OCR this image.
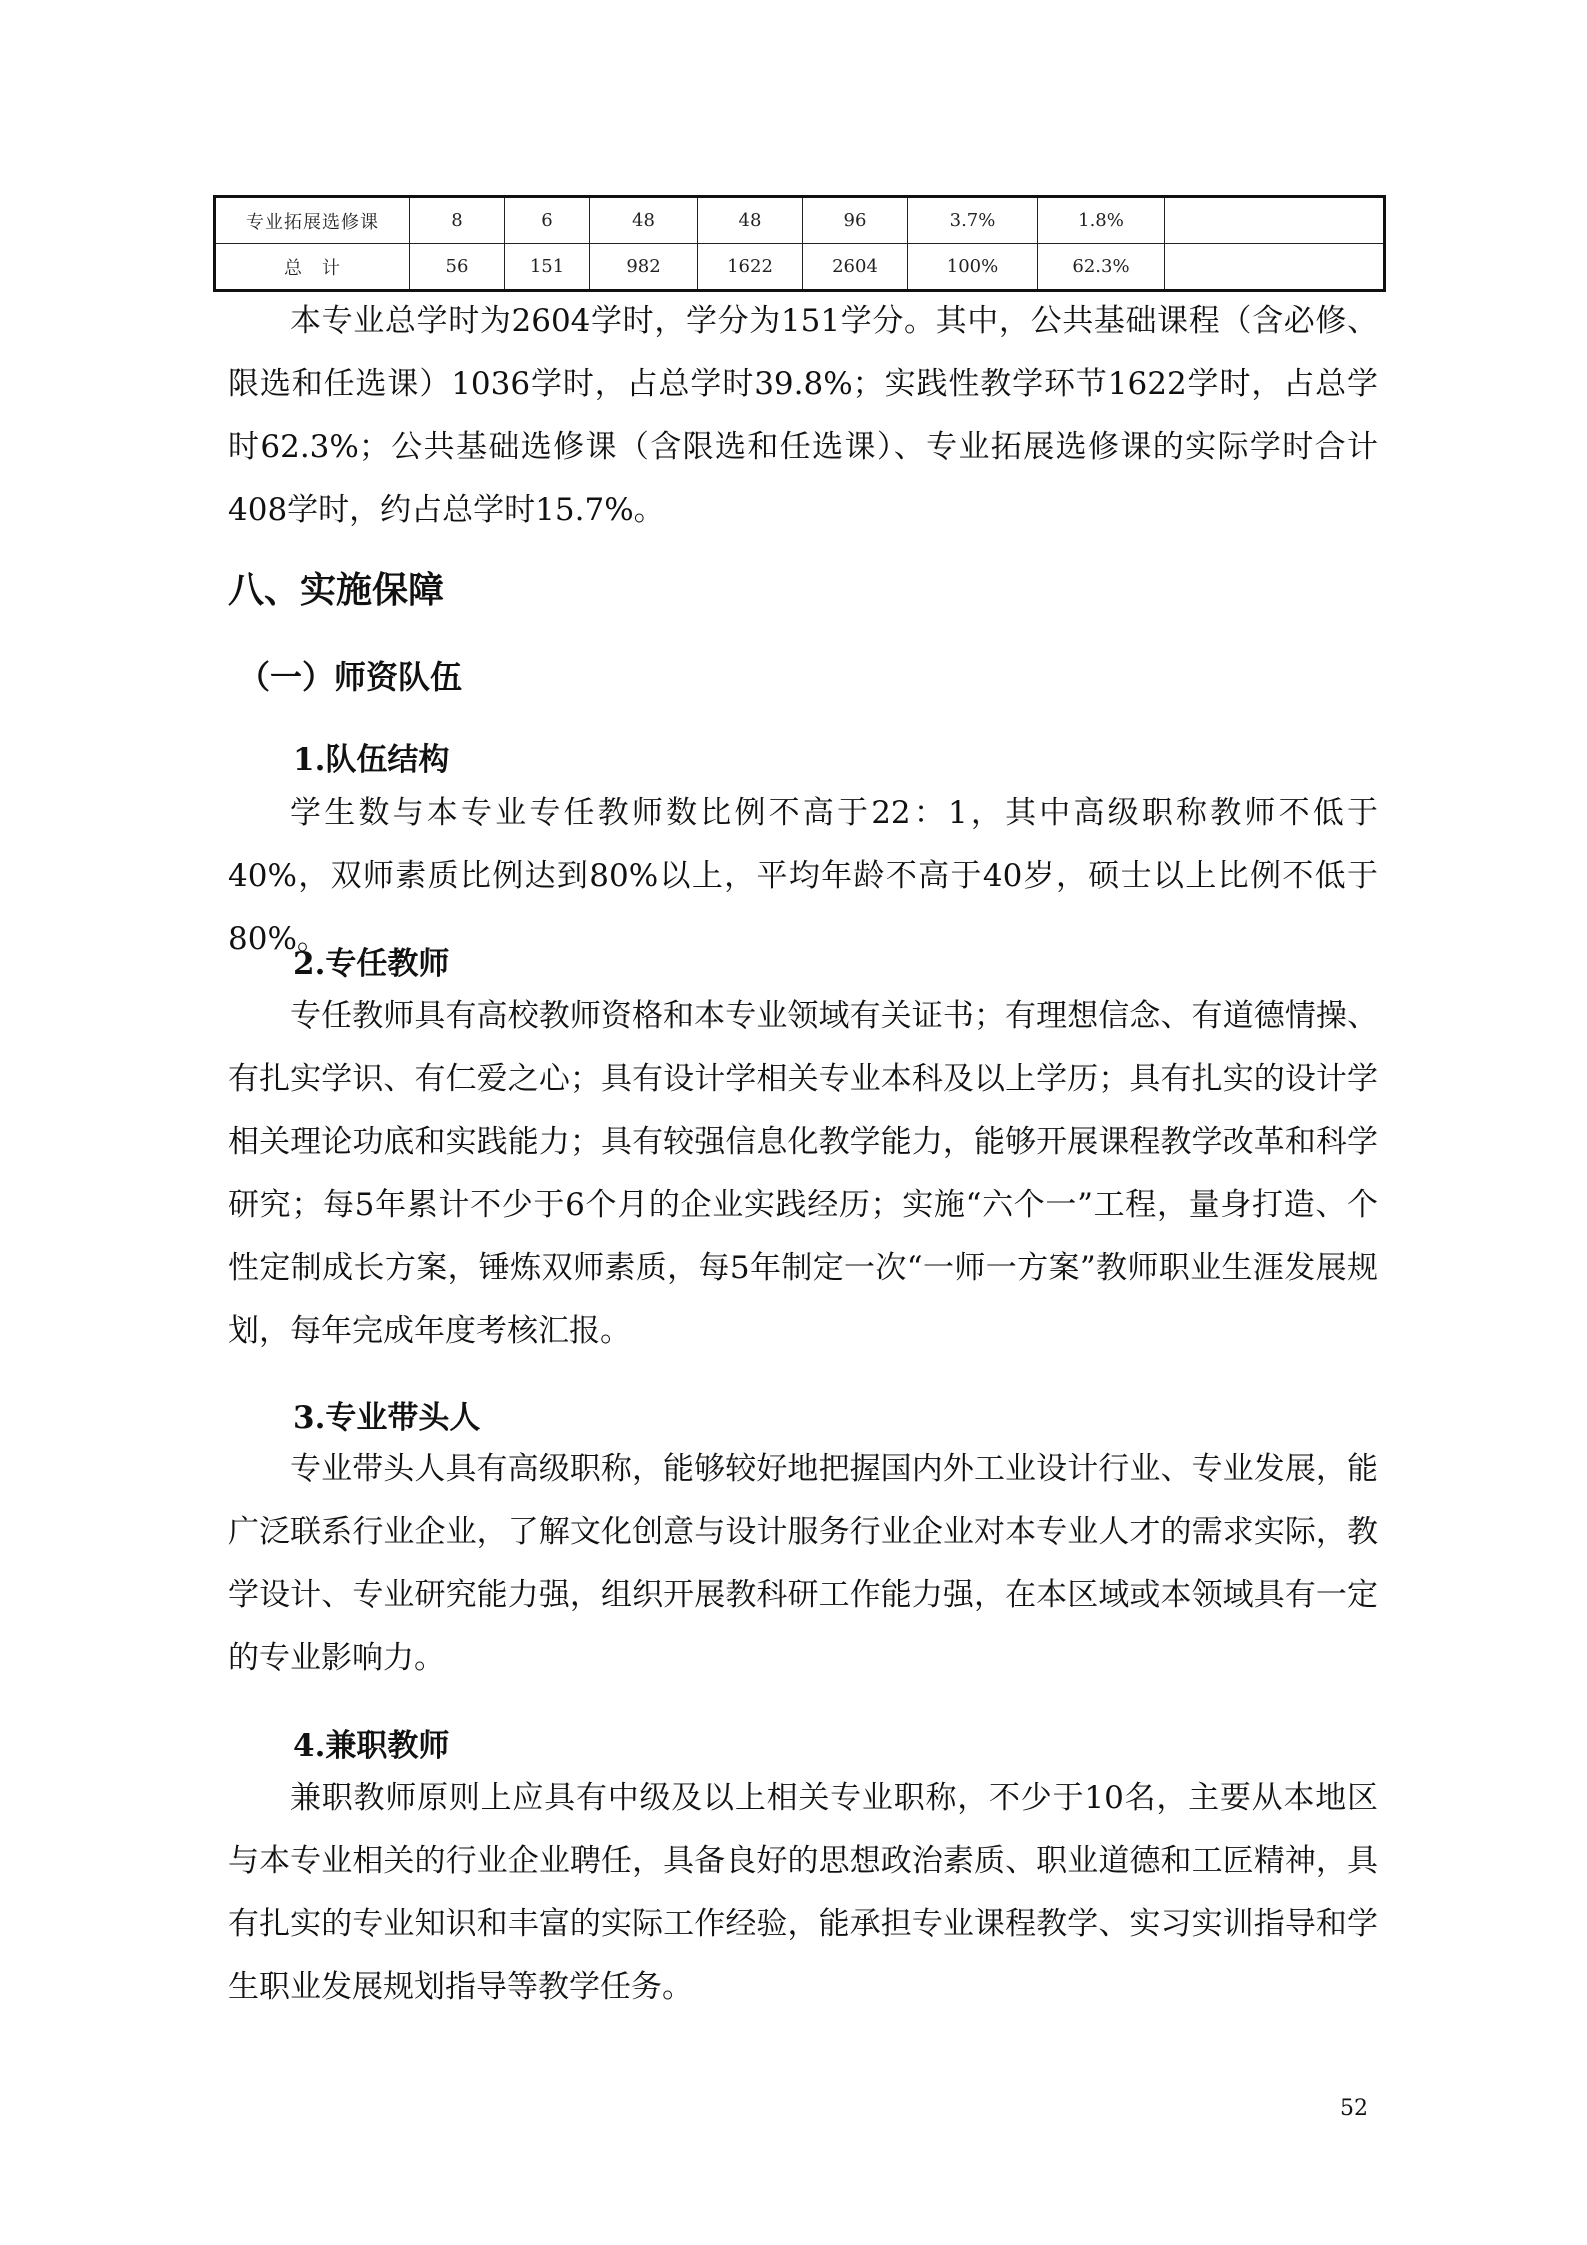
专业拓展选修课	8	6	48	48	96	3.7%	1.8%	
总　计	56	151	982	1622	2604	100%	62.3%	

本专业总学时为2604学时，学分为151学分。其中，公共基础课程（含必修、限选和任选课）1036学时，占总学时39.8%；实践性教学环节1622学时，占总学时62.3%；公共基础选修课（含限选和任选课）、专业拓展选修课的实际学时合计408学时，约占总学时15.7%。

八、实施保障
（一）师资队伍
1.队伍结构

学生数与本专业专任教师数比例不高于22：1，其中高级职称教师不低于40%，双师素质比例达到80%以上，平均年龄不高于40岁，硕士以上比例不低于80%。

2.专任教师

专任教师具有高校教师资格和本专业领域有关证书；有理想信念、有道德情操、有扎实学识、有仁爱之心；具有设计学相关专业本科及以上学历；具有扎实的设计学相关理论功底和实践能力；具有较强信息化教学能力，能够开展课程教学改革和科学研究；每5年累计不少于6个月的企业实践经历；实施“六个一”工程，量身打造、个性定制成长方案，锤炼双师素质，每5年制定一次“一师一方案”教师职业生涯发展规划，每年完成年度考核汇报。

3.专业带头人

专业带头人具有高级职称，能够较好地把握国内外工业设计行业、专业发展，能广泛联系行业企业，了解文化创意与设计服务行业企业对本专业人才的需求实际，教学设计、专业研究能力强，组织开展教科研工作能力强，在本区域或本领域具有一定的专业影响力。

4.兼职教师

兼职教师原则上应具有中级及以上相关专业职称，不少于10名，主要从本地区与本专业相关的行业企业聘任，具备良好的思想政治素质、职业道德和工匠精神，具有扎实的专业知识和丰富的实际工作经验，能承担专业课程教学、实习实训指导和学生职业发展规划指导等教学任务。

52
